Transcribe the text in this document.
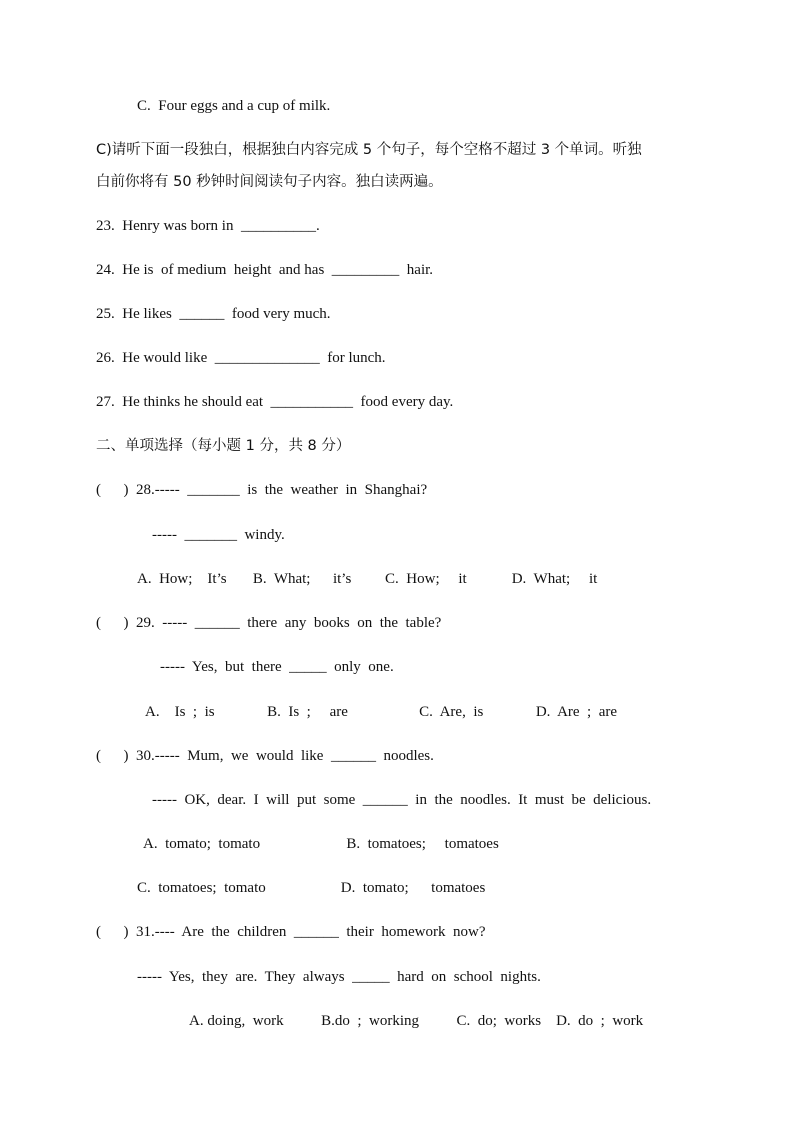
C.  Four eggs and a cup of milk.
C)请听下面一段独白，根据独白内容完成 5 个句子，每个空格不超过 3 个单词。听独
白前你将有 50 秒钟时间阅读句子内容。独白读两遍。
23.  Henry was born in  __________.
24.  He is  of medium  height  and has  _________  hair.
25.  He likes  ______  food very much.
26.  He would like  ______________  for lunch.
27.  He thinks he should eat  ___________  food every day.
二、单项选择（每小题 1 分，共 8 分）
(      )  28.-----  _______  is  the  weather  in  Shanghai?
-----  _______  windy.
A.  How;    It’s       B.  What;      it’s         C.  How;     it            D.  What;     it
(      )  29.  -----  ______  there  any  books  on  the  table?
-----  Yes,  but  there  _____  only  one.
A.    Is  ;  is              B.  Is  ;     are                   C.  Are,  is              D.  Are  ;  are
(      )  30.-----  Mum,  we  would  like  ______  noodles.
-----  OK,  dear.  I  will  put  some  ______  in  the  noodles.  It  must  be  delicious.
A.  tomato;  tomato                       B.  tomatoes;     tomatoes
C.  tomatoes;  tomato                    D.  tomato;      tomatoes
(      )  31.----  Are  the  children  ______  their  homework  now?
-----  Yes,  they  are.  They  always  _____  hard  on  school  nights.
A. doing,  work          B.do  ;  working          C.  do;  works    D.  do  ;  work
